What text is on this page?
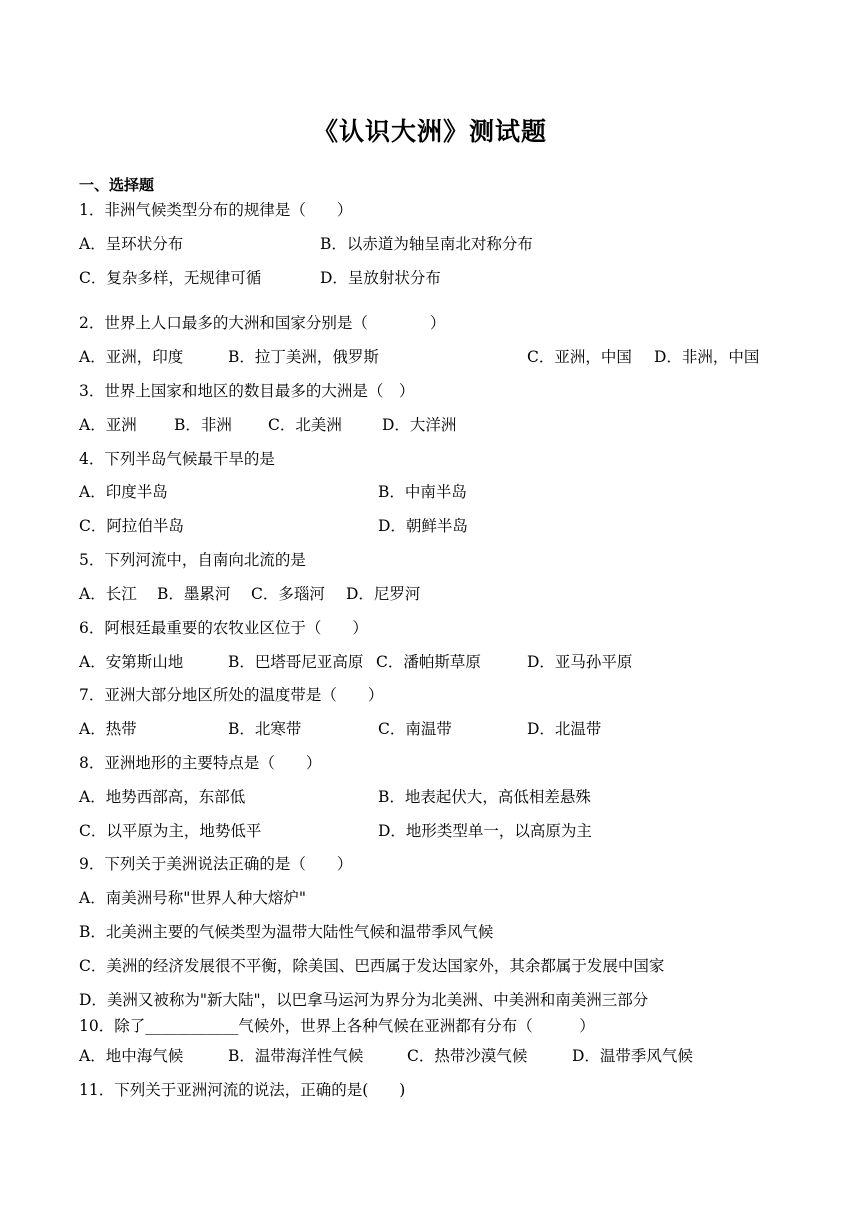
《认识大洲》测试题
一、选择题
1．非洲气候类型分布的规律是（　　）
A．呈环状分布	B．以赤道为轴呈南北对称分布
C．复杂多样，无规律可循	D．呈放射状分布
2．世界上人口最多的大洲和国家分别是（　　　　）
A．亚洲，印度	B．拉丁美洲，俄罗斯	C．亚洲，中国 D．非洲，中国
3．世界上国家和地区的数目最多的大洲是（　）
A．亚洲 B．非洲 C．北美洲	D．大洋洲
4．下列半岛气候最干旱的是
A．印度半岛	B．中南半岛
C．阿拉伯半岛	D．朝鲜半岛
5．下列河流中，自南向北流的是
A．长江 B．墨累河 C．多瑙河 D．尼罗河
6．阿根廷最重要的农牧业区位于（　　）
A．安第斯山地	B．巴塔哥尼亚高原 C．潘帕斯草原	D．亚马孙平原
7．亚洲大部分地区所处的温度带是（　　）
A．热带	B．北寒带	C．南温带	D．北温带
8．亚洲地形的主要特点是（　　）
A．地势西部高，东部低	B．地表起伏大，高低相差悬殊
C．以平原为主，地势低平	D．地形类型单一，以高原为主
9．下列关于美洲说法正确的是（　　）
A．南美洲号称"世界人种大熔炉"
B．北美洲主要的气候类型为温带大陆性气候和温带季风气候
C．美洲的经济发展很不平衡，除美国、巴西属于发达国家外，其余都属于发展中国家
D．美洲又被称为"新大陆"，以巴拿马运河为界分为北美洲、中美洲和南美洲三部分
10．除了____________气候外，世界上各种气候在亚洲都有分布（　　　）
A．地中海气候	B．温带海洋性气候	C．热带沙漠气候	D．温带季风气候
11．下列关于亚洲河流的说法，正确的是(　　)
